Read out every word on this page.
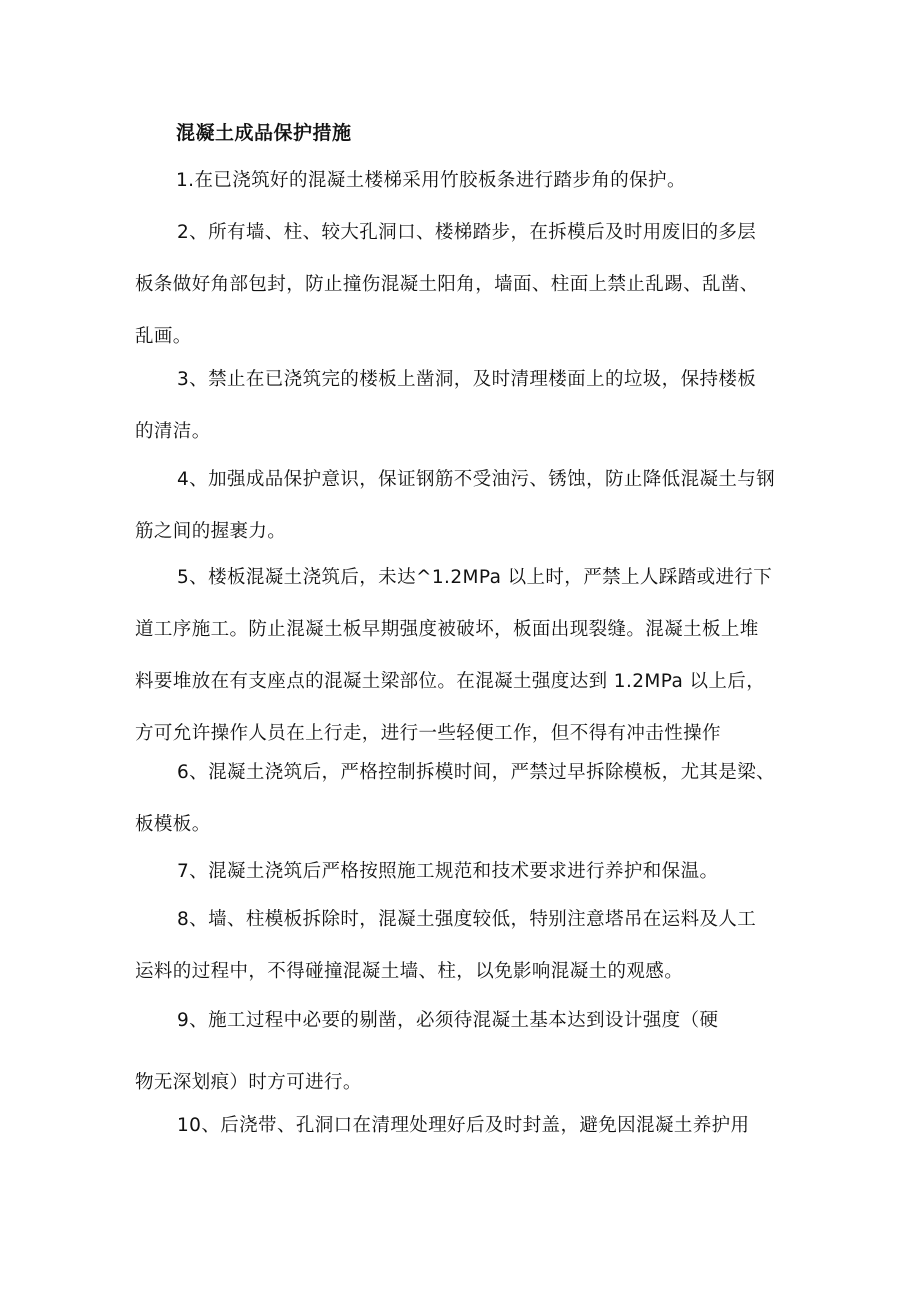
混凝土成品保护措施
1.在已浇筑好的混凝土楼梯采用竹胶板条进行踏步角的保护。
2、所有墙、柱、较大孔洞口、楼梯踏步，在拆模后及时用废旧的多层
板条做好角部包封，防止撞伤混凝土阳角，墙面、柱面上禁止乱踢、乱凿、
乱画。
3、禁止在已浇筑完的楼板上凿洞，及时清理楼面上的垃圾，保持楼板
的清洁。
4、加强成品保护意识，保证钢筋不受油污、锈蚀，防止降低混凝土与钢
筋之间的握裹力。
5、楼板混凝土浇筑后，未达^1.2MPa 以上时，严禁上人踩踏或进行下
道工序施工。防止混凝土板早期强度被破坏，板面出现裂缝。混凝土板上堆
料要堆放在有支座点的混凝土梁部位。在混凝土强度达到 1.2MPa 以上后，
方可允许操作人员在上行走，进行一些轻便工作，但不得有冲击性操作
6、混凝土浇筑后，严格控制拆模时间，严禁过早拆除模板，尤其是梁、
板模板。
7、混凝土浇筑后严格按照施工规范和技术要求进行养护和保温。
8、墙、柱模板拆除时，混凝土强度较低，特别注意塔吊在运料及人工
运料的过程中，不得碰撞混凝土墙、柱，以免影响混凝土的观感。
9、施工过程中必要的剔凿，必须待混凝土基本达到设计强度（硬
物无深划痕）时方可进行。
10、后浇带、孔洞口在清理处理好后及时封盖，避免因混凝土养护用
